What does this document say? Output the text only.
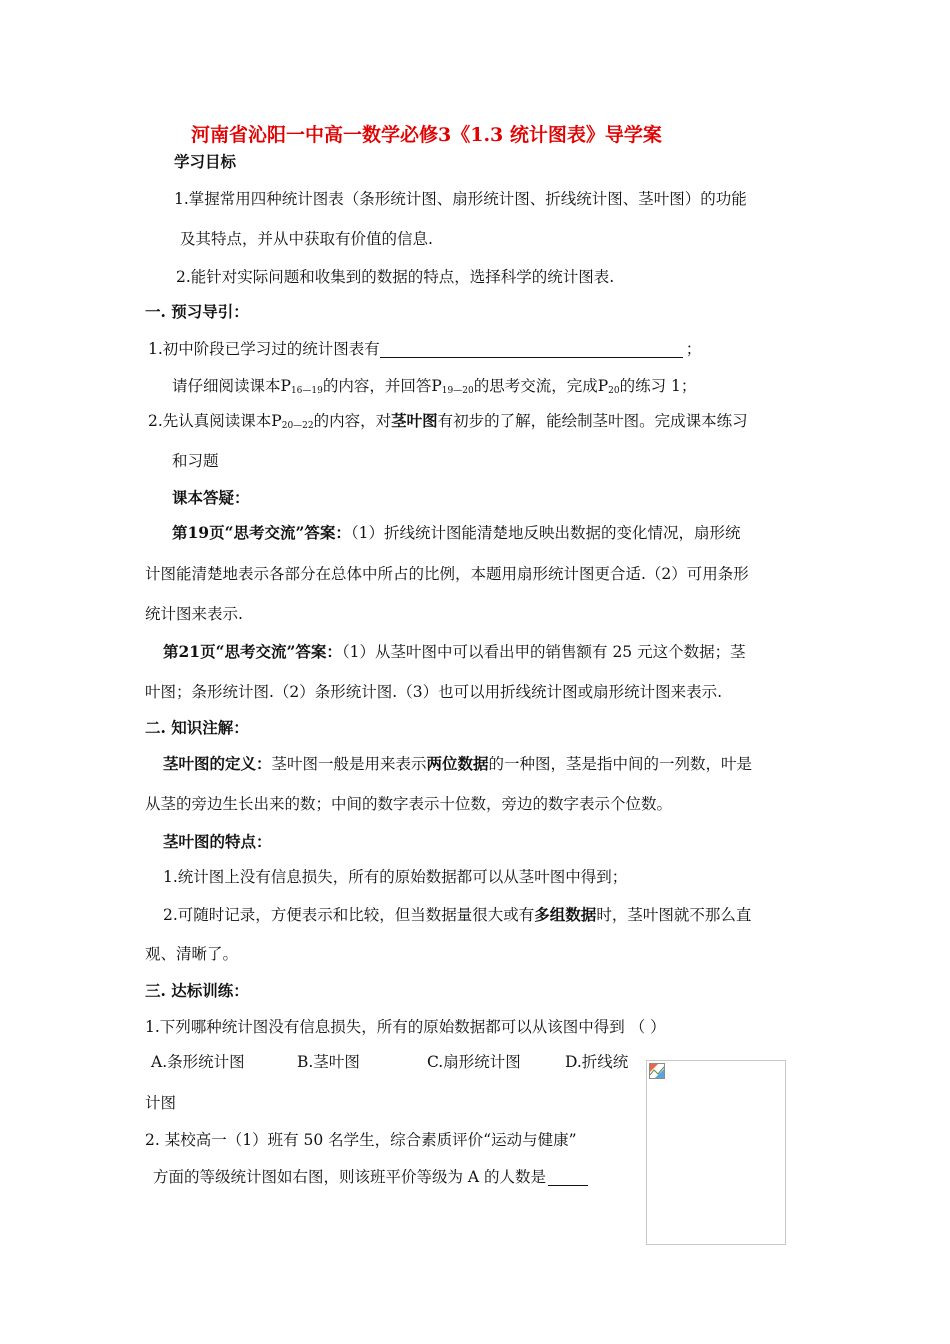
河南省沁阳一中高一数学必修3《1.3 统计图表》导学案
学习目标
1.掌握常用四种统计图表（条形统计图、扇形统计图、折线统计图、茎叶图）的功能
及其特点，并从中获取有价值的信息.
2.能针对实际问题和收集到的数据的特点，选择科学的统计图表.
一. 预习导引：
1.初中阶段已学习过的统计图表有	；
请仔细阅读课本$P_{16—19}$的内容，并回答$P_{19—20}$的思考交流，完成$P_{20}$的练习 1；
2.先认真阅读课本$P_{20—22}$的内容，对茎叶图有初步的了解，能绘制茎叶图。完成课本练习
和习题
课本答疑：
第19页“思考交流”答案：（1）折线统计图能清楚地反映出数据的变化情况，扇形统
计图能清楚地表示各部分在总体中所占的比例，本题用扇形统计图更合适.（2）可用条形
统计图来表示.
第21页“思考交流”答案：（1）从茎叶图中可以看出甲的销售额有 25 元这个数据；茎
叶图；条形统计图.（2）条形统计图.（3）也可以用折线统计图或扇形统计图来表示.
二. 知识注解：
茎叶图的定义：茎叶图一般是用来表示两位数据的一种图，茎是指中间的一列数，叶是
从茎的旁边生长出来的数；中间的数字表示十位数，旁边的数字表示个位数。
茎叶图的特点：
1.统计图上没有信息损失，所有的原始数据都可以从茎叶图中得到；
2.可随时记录，方便表示和比较，但当数据量很大或有多组数据时，茎叶图就不那么直
观、清晰了。
三. 达标训练：
1.下列哪种统计图没有信息损失，所有的原始数据都可以从该图中得到 （ ）
A.条形统计图	B.茎叶图	C.扇形统计图	D.折线统
计图
2. 某校高一（1）班有 50 名学生，综合素质评价“运动与健康”
方面的等级统计图如右图，则该班平价等级为 A 的人数是
